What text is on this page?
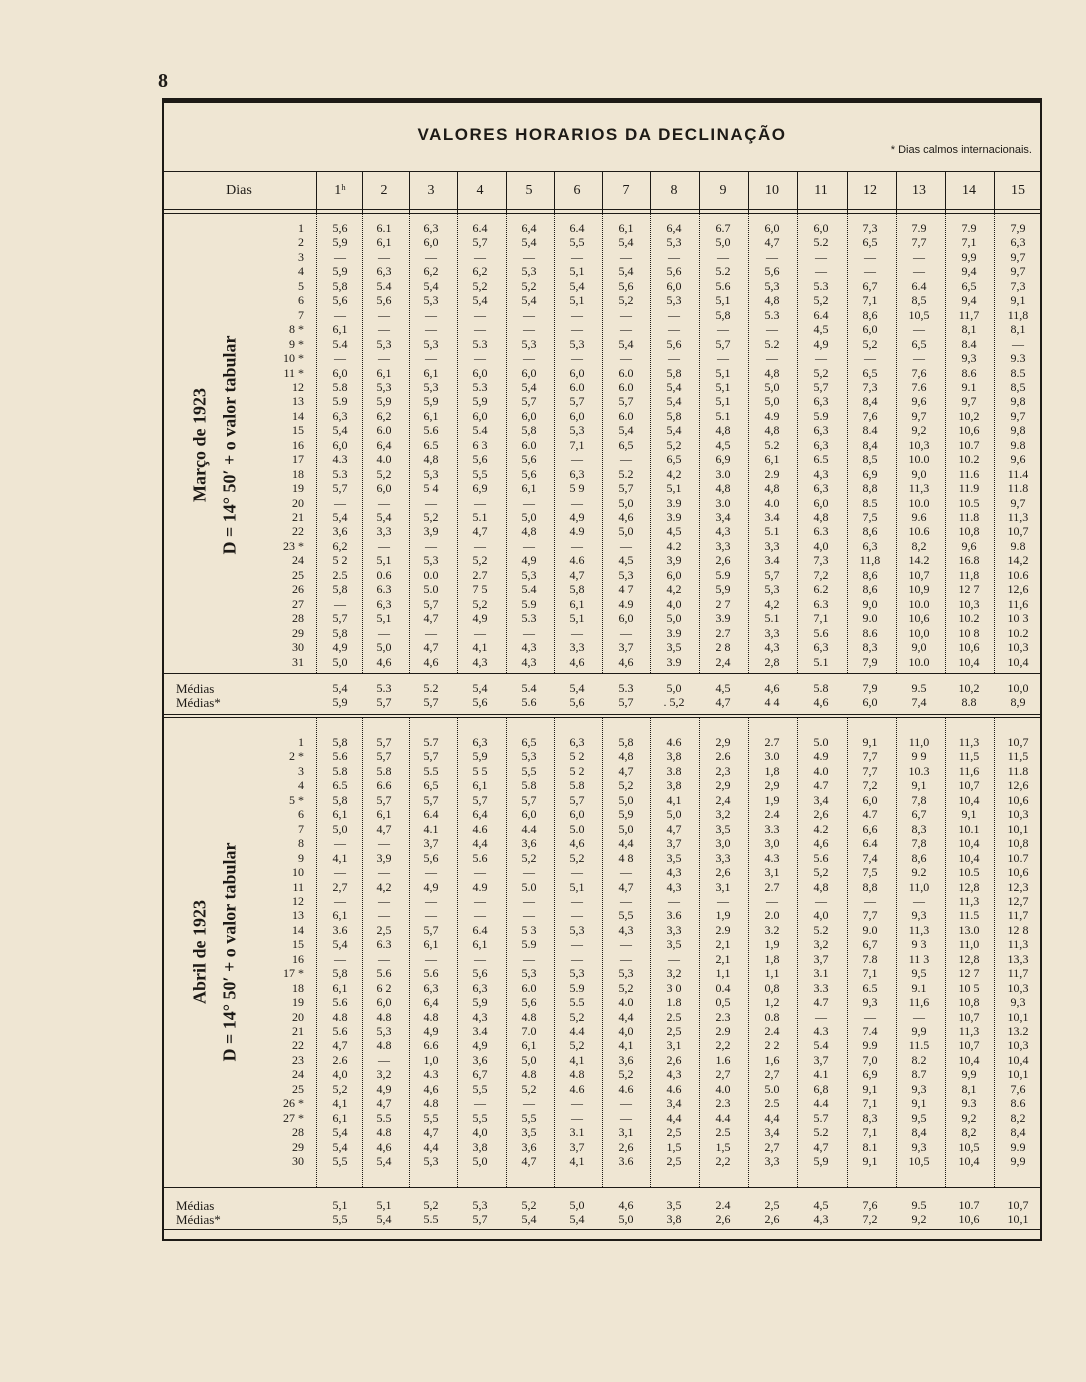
8
VALORES HORARIOS DA DECLINAÇÃO
* Dias calmos internacionais.
Dias	1ʰ	2	3	4	5	6	7	8	9	10	11	12	13	14	15
Março de 1923 D = 14° 50′ + o valor tabular
1	5,6	6.1	6,3	6.4	6,4	6.4	6,1	6,4	6.7	6,0	6,0	7,3	7.9	7.9	7,9
2	5,9	6,1	6,0	5,7	5,4	5,5	5,4	5,3	5,0	4,7	5.2	6,5	7,7	7,1	6,3
3	—	—	—	—	—	—	—	—	—	—	—	—	—	9,9	9,7
4	5,9	6,3	6,2	6,2	5,3	5,1	5,4	5,6	5.2	5,6	—	—	—	9,4	9,7
5	5,8	5.4	5,4	5,2	5,2	5,4	5,6	6,0	5.6	5,3	5.3	6,7	6.4	6,5	7,3
6	5,6	5,6	5,3	5,4	5,4	5,1	5,2	5,3	5,1	4,8	5,2	7,1	8,5	9,4	9,1
7	—	—	—	—	—	—	—	—	5,8	5.3	6.4	8,6	10,5	11,7	11,8
8 *	6,1	—	—	—	—	—	—	—	—	—	4,5	6,0	—	8,1	8,1
9 *	5.4	5,3	5,3	5.3	5,3	5,3	5,4	5,6	5,7	5.2	4,9	5,2	6,5	8.4	—
10 *	—	—	—	—	—	—	—	—	—	—	—	—	—	9,3	9.3
11 *	6,0	6,1	6,1	6,0	6,0	6,0	6.0	5,8	5,1	4,8	5,2	6,5	7,6	8.6	8.5
12	5.8	5,3	5,3	5.3	5,4	6.0	6.0	5,4	5,1	5,0	5,7	7,3	7.6	9.1	8,5
13	5.9	5,9	5,9	5,9	5,7	5,7	5,7	5,4	5,1	5,0	6,3	8,4	9,6	9,7	9,8
14	6,3	6,2	6,1	6,0	6,0	6,0	6.0	5,8	5.1	4.9	5.9	7,6	9,7	10,2	9,7
15	5,4	6.0	5.6	5.4	5,8	5,3	5,4	5,4	4,8	4,8	6,3	8.4	9,2	10,6	9,8
16	6,0	6,4	6.5	6 3	6.0	7,1	6,5	5,2	4,5	5.2	6,3	8,4	10,3	10.7	9.8
17	4.3	4.0	4,8	5,6	5,6	—	—	6,5	6,9	6,1	6.5	8,5	10.0	10.2	9,6
18	5.3	5,2	5,3	5,5	5,6	6,3	5.2	4,2	3.0	2.9	4,3	6,9	9,0	11.6	11.4
19	5,7	6,0	5 4	6,9	6,1	5 9	5,7	5,1	4,8	4,8	6,3	8,8	11,3	11.9	11.8
20	—	—	—	—	—	—	5,0	3.9	3.0	4.0	6,0	8.5	10.0	10.5	9,7
21	5,4	5,4	5,2	5.1	5,0	4,9	4,6	3.9	3,4	3.4	4,8	7,5	9.6	11.8	11,3
22	3,6	3,3	3,9	4,7	4,8	4.9	5,0	4,5	4,3	5.1	6.3	8,6	10.6	10,8	10,7
23 *	6,2	—	—	—	—	—	—	4.2	3,3	3,3	4,0	6,3	8,2	9,6	9.8
24	5 2	5,1	5,3	5,2	4,9	4.6	4,5	3,9	2,6	3.4	7,3	11,8	14.2	16.8	14,2
25	2.5	0.6	0.0	2.7	5,3	4,7	5,3	6,0	5.9	5,7	7,2	8,6	10,7	11,8	10.6
26	5,8	6.3	5.0	7 5	5.4	5,8	4 7	4,2	5,9	5,3	6.2	8,6	10,9	12 7	12,6
27	—	6,3	5,7	5,2	5.9	6,1	4.9	4,0	2 7	4,2	6.3	9,0	10.0	10,3	11,6
28	5,7	5,1	4,7	4,9	5.3	5,1	6,0	5,0	3.9	5.1	7,1	9.0	10,6	10.2	10 3
29	5,8	—	—	—	—	—	—	3.9	2.7	3,3	5.6	8.6	10,0	10 8	10.2
30	4,9	5,0	4,7	4,1	4,3	3,3	3,7	3,5	2 8	4,3	6,3	8,3	9,0	10,6	10,3
31	5,0	4,6	4,6	4,3	4,3	4,6	4,6	3.9	2,4	2,8	5.1	7,9	10.0	10,4	10,4
Médias	5,4	5.3	5.2	5,4	5.4	5,4	5.3	5,0	4,5	4,6	5.8	7,9	9.5	10,2	10,0
Médias*	5,9	5,7	5,7	5,6	5.6	5,6	5,7	. 5,2	4,7	4 4	4,6	6,0	7,4	8.8	8,9
Abril de 1923 D = 14° 50′ + o valor tabular
1	5,8	5,7	5.7	6,3	6,5	6,3	5,8	4.6	2,9	2.7	5.0	9,1	11,0	11,3	10,7
2 *	5.6	5,7	5,7	5,9	5,3	5 2	4,8	3,8	2.6	3.0	4.9	7,7	9 9	11,5	11,5
3	5.8	5.8	5.5	5 5	5,5	5 2	4,7	3.8	2,3	1,8	4.0	7,7	10.3	11,6	11.8
4	6.5	6.6	6,5	6,1	5.8	5.8	5,2	3,8	2,9	2,9	4.7	7,2	9,1	10,7	12,6
5 *	5,8	5,7	5,7	5,7	5,7	5,7	5,0	4,1	2,4	1,9	3,4	6,0	7,8	10,4	10,6
6	6,1	6,1	6.4	6,4	6,0	6,0	5,9	5,0	3,2	2.4	2,6	4.7	6,7	9,1	10,3
7	5,0	4,7	4.1	4.6	4.4	5.0	5,0	4,7	3,5	3.3	4.2	6,6	8,3	10.1	10,1
8	—	—	3,7	4,4	3,6	4,6	4,4	3,7	3,0	3,0	4,6	6.4	7,8	10,4	10,8
9	4,1	3,9	5,6	5.6	5,2	5,2	4 8	3,5	3,3	4.3	5.6	7,4	8,6	10,4	10.7
10	—	—	—	—	—	—	—	4,3	2,6	3,1	5,2	7,5	9.2	10.5	10,6
11	2,7	4,2	4,9	4.9	5.0	5,1	4,7	4,3	3,1	2.7	4,8	8,8	11,0	12,8	12,3
12	—	—	—	—	—	—	—	—	—	—	—	—	—	11,3	12,7
13	6,1	—	—	—	—	—	5,5	3.6	1,9	2.0	4,0	7,7	9,3	11.5	11,7
14	3.6	2,5	5,7	6.4	5 3	5,3	4,3	3,3	2.9	3.2	5.2	9.0	11,3	13.0	12 8
15	5,4	6.3	6,1	6,1	5.9	—	—	3,5	2,1	1,9	3,2	6,7	9 3	11,0	11,3
16	—	—	—	—	—	—	—	—	2,1	1,8	3,7	7.8	11 3	12,8	13,3
17 *	5,8	5.6	5.6	5,6	5,3	5,3	5,3	3,2	1,1	1,1	3.1	7,1	9,5	12 7	11,7
18	6,1	6 2	6,3	6,3	6.0	5.9	5,2	3 0	0.4	0,8	3.3	6.5	9.1	10 5	10,3
19	5.6	6,0	6,4	5,9	5,6	5.5	4.0	1.8	0,5	1,2	4.7	9,3	11,6	10,8	9,3
20	4.8	4.8	4.8	4,3	4.8	5,2	4,4	2.5	2.3	0.8	—	—	—	10,7	10,1
21	5.6	5,3	4,9	3.4	7.0	4.4	4,0	2,5	2.9	2.4	4.3	7.4	9,9	11,3	13.2
22	4,7	4.8	6.6	4,9	6,1	5,2	4,1	3,1	2,2	2 2	5.4	9.9	11.5	10,7	10,3
23	2.6	—	1,0	3,6	5,0	4,1	3,6	2,6	1.6	1,6	3,7	7,0	8.2	10,4	10,4
24	4,0	3,2	4.3	6,7	4.8	4.8	5,2	4,3	2,7	2,7	4.1	6,9	8.7	9,9	10,1
25	5,2	4,9	4,6	5,5	5,2	4.6	4.6	4.6	4.0	5.0	6,8	9,1	9,3	8,1	7,6
26 *	4,1	4,7	4.8	—	—	—	—	3,4	2.3	2.5	4.4	7,1	9,1	9.3	8.6
27 *	6,1	5.5	5,5	5,5	5,5	—	—	4,4	4.4	4,4	5.7	8,3	9,5	9,2	8,2
28	5,4	4.8	4,7	4,0	3,5	3.1	3,1	2,5	2.5	3,4	5.2	7,1	8,4	8,2	8,4
29	5,4	4,6	4,4	3,8	3,6	3,7	2,6	1,5	1,5	2,7	4,7	8.1	9,3	10,5	9.9
30	5,5	5,4	5,3	5,0	4,7	4,1	3.6	2,5	2,2	3,3	5,9	9,1	10,5	10,4	9,9
Médias	5,1	5,1	5,2	5,3	5,2	5,0	4,6	3,5	2.4	2,5	4,5	7,6	9.5	10.7	10,7
Médias*	5,5	5,4	5.5	5,7	5,4	5,4	5,0	3,8	2,6	2,6	4,3	7,2	9,2	10,6	10,1
